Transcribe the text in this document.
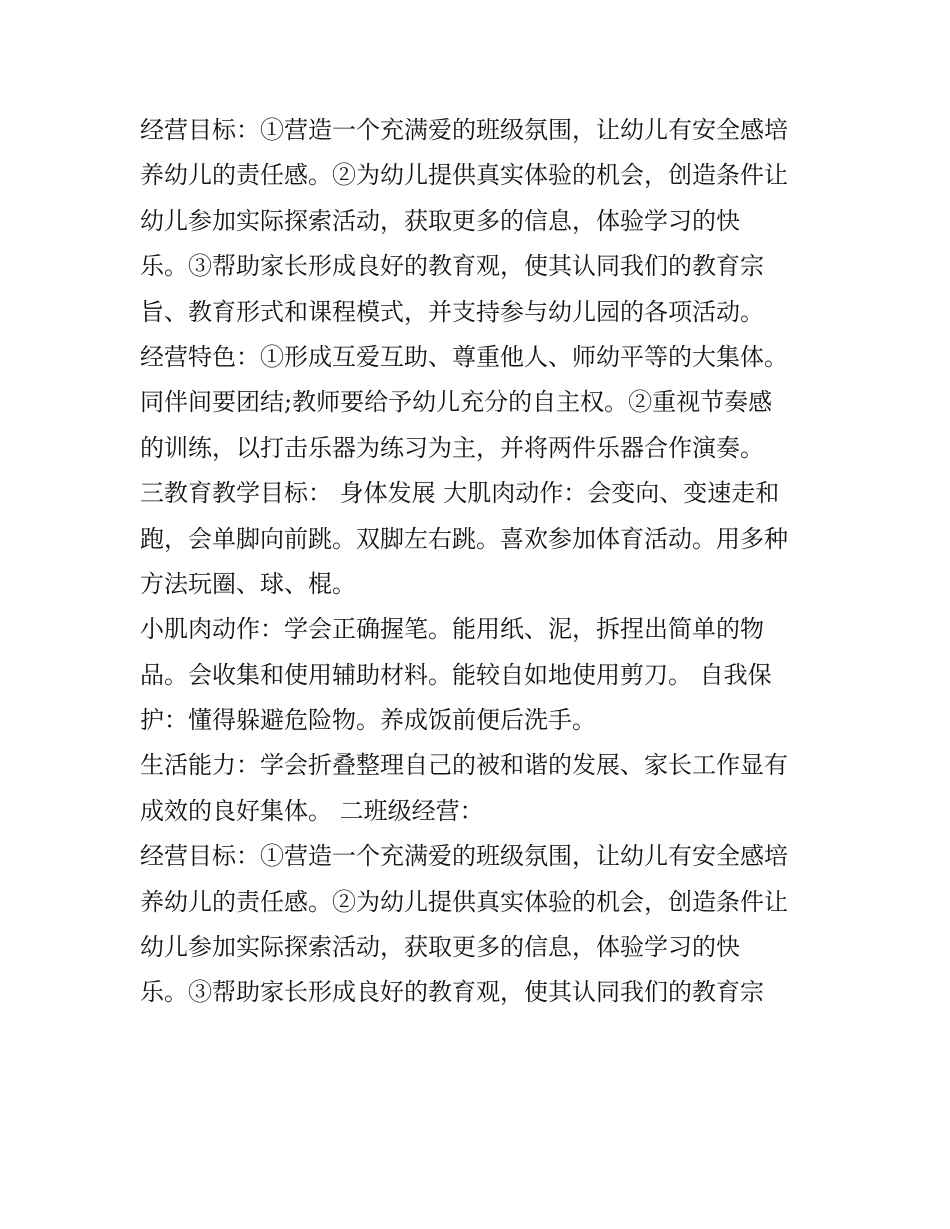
经营目标：①营造一个充满爱的班级氛围，让幼儿有安全感培
养幼儿的责任感。②为幼儿提供真实体验的机会，创造条件让
幼儿参加实际探索活动，获取更多的信息，体验学习的快
乐。③帮助家长形成良好的教育观，使其认同我们的教育宗
旨、教育形式和课程模式，并支持参与幼儿园的各项活动。
经营特色：①形成互爱互助、尊重他人、师幼平等的大集体。
同伴间要团结;教师要给予幼儿充分的自主权。②重视节奏感
的训练，以打击乐器为练习为主，并将两件乐器合作演奏。
三教育教学目标： 身体发展 大肌肉动作：会变向、变速走和
跑，会单脚向前跳。双脚左右跳。喜欢参加体育活动。用多种
方法玩圈、球、棍。
小肌肉动作：学会正确握笔。能用纸、泥，拆捏出简单的物
品。会收集和使用辅助材料。能较自如地使用剪刀。 自我保
护：懂得躲避危险物。养成饭前便后洗手。
生活能力：学会折叠整理自己的被和谐的发展、家长工作显有
成效的良好集体。 二班级经营：
经营目标：①营造一个充满爱的班级氛围，让幼儿有安全感培
养幼儿的责任感。②为幼儿提供真实体验的机会，创造条件让
幼儿参加实际探索活动，获取更多的信息，体验学习的快
乐。③帮助家长形成良好的教育观，使其认同我们的教育宗
